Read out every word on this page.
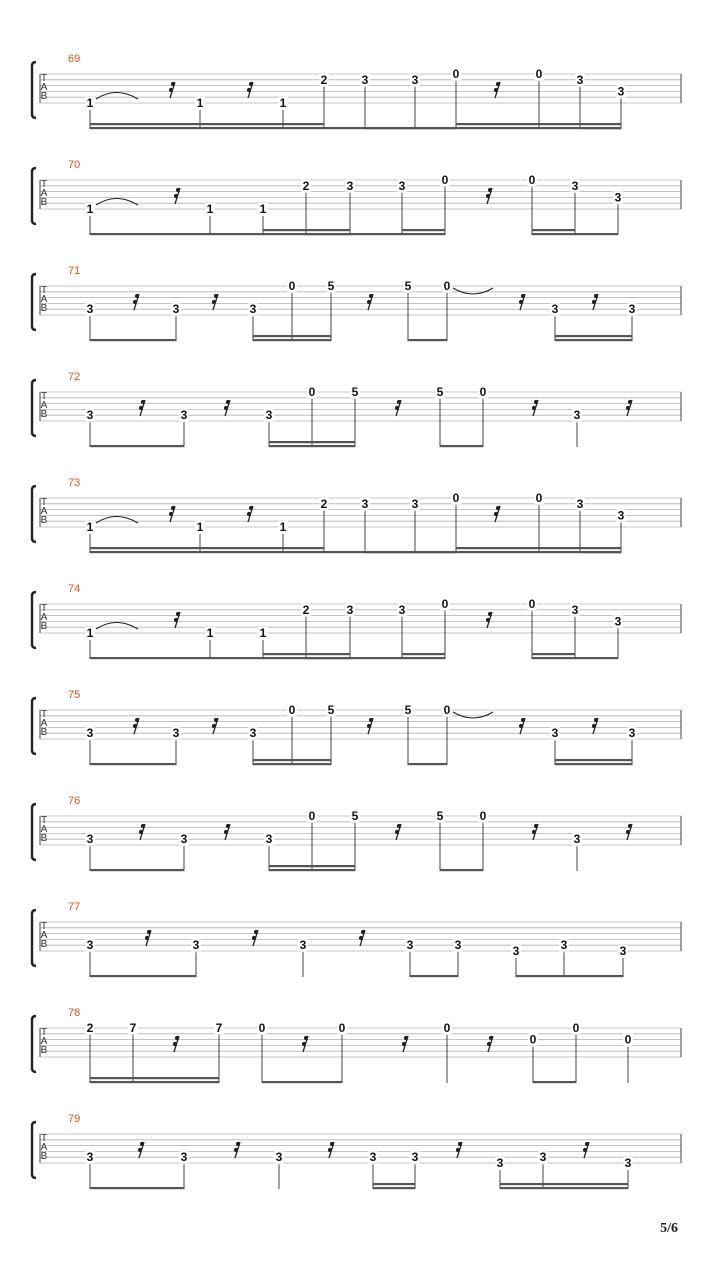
T
A
B
69
1	1	1
2	3	3	0	0	3
3
T
A
B
70
1	1	1
2	3	3	0	0	3
3
T
A
B
71
3	3	3
0	5	5	0
3	3
T
A
B
72
3	3	3
0	5	5	0
3
T
A
B
73
1	1	1
2	3	3	0	0	3
3
T
A
B
74
1	1	1
2	3	3	0	0	3
3
T
A
B
75
3	3	3
0	5	5	0
3	3
T
A
B
76
3	3	3
0	5	5	0
3
T
A
B
77
3	3	3	3	3	3	3	3
T
A
B
78
2	7	7	0	0	0
0
0
0
T
A
B
79
3	3	3	3	3	3	3	3
5/6
